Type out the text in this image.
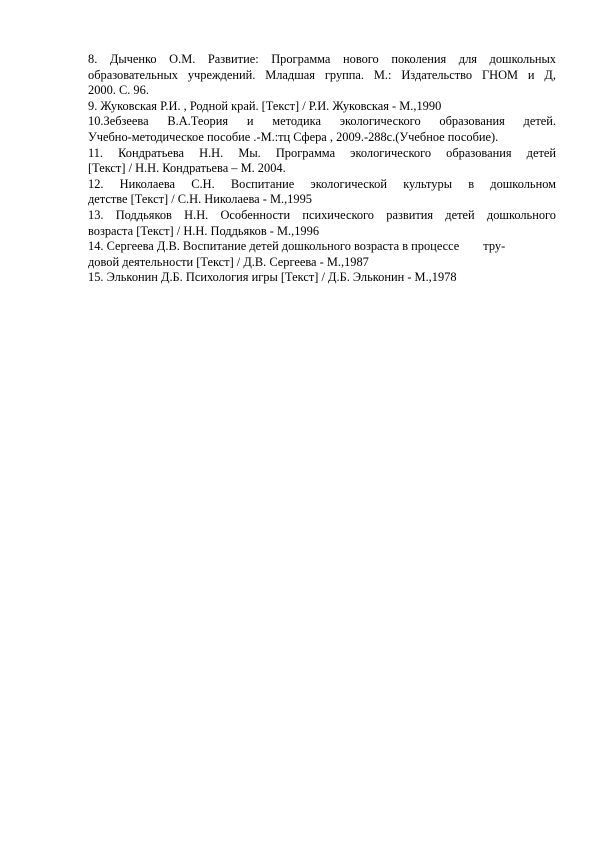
8. Дыченко О.М. Развитие: Программа нового поколения для дошкольных
образовательных учреждений. Младшая группа. М.: Издательство ГНОМ и Д,
2000. С. 96.
9. Жуковская Р.И. , Родной край. [Текст] / Р.И. Жуковская - М.,1990
10.Зебзеева В.А.Теория и методика экологического образования детей.
Учебно-методическое пособие .-М.:тц Сфера , 2009.-288с.(Учебное пособие).
11. Кондратьева Н.Н. Мы. Программа экологического образования детей
[Текст] / Н.Н. Кондратьева – М. 2004.
12. Николаева С.Н. Воспитание экологической культуры в дошкольном
детстве [Текст] / С.Н. Николаева - М.,1995
13. Поддьяков Н.Н. Особенности психического развития детей дошкольного
возраста [Текст] / Н.Н. Поддьяков - М.,1996
14. Сергеева Д.В. Воспитание детей дошкольного возраста в процессе тру-
довой деятельности [Текст] / Д.В. Сергеева - М.,1987
15. Эльконин Д.Б. Психология игры [Текст] / Д.Б. Эльконин - М.,1978
